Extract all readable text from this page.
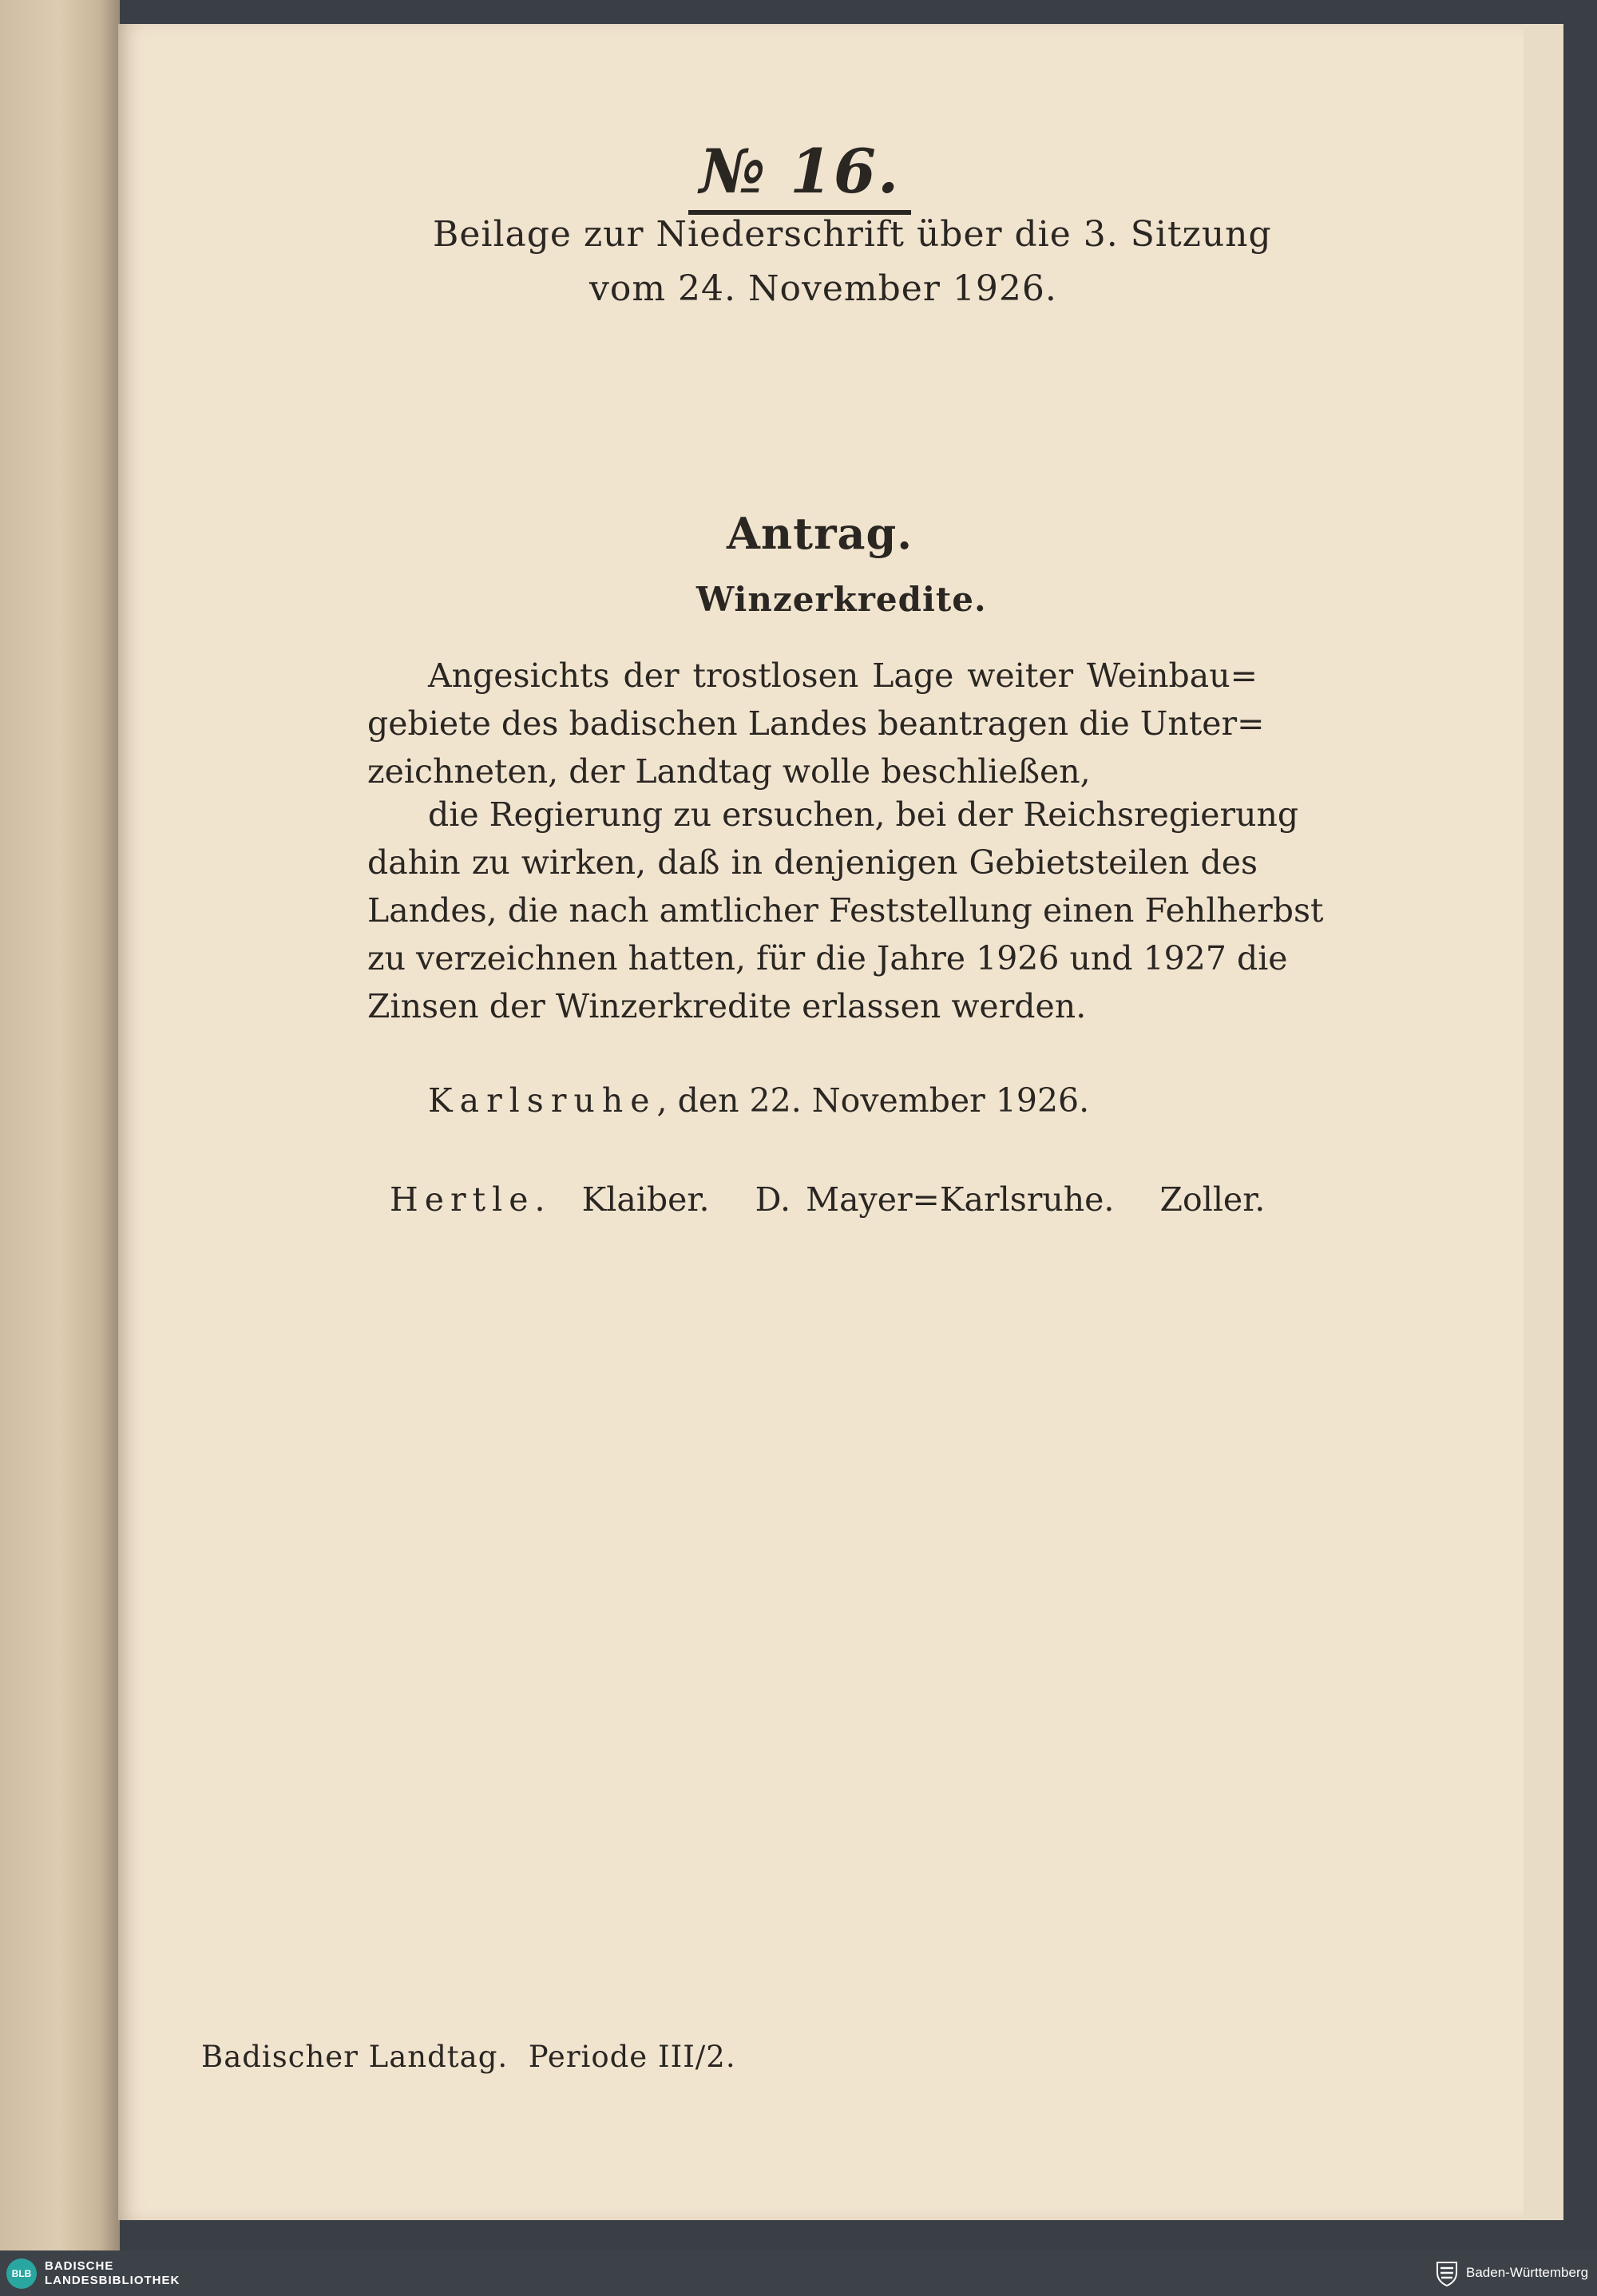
№ 16.
Beilage zur Niederschrift über die 3. Sitzung
vom 24. November 1926.
Antrag.
Winzerkredite.
Angesichts der trostlosen Lage weiter Weinbau=
gebiete des badischen Landes beantragen die Unter=
zeichneten, der Landtag wolle beschließen,
die Regierung zu ersuchen, bei der Reichsregierung
dahin zu wirken, daß in denjenigen Gebietsteilen des
Landes, die nach amtlicher Feststellung einen Fehlherbst
zu verzeichnen hatten, für die Jahre 1926 und 1927 die
Zinsen der Winzerkredite erlassen werden.
Karlsruhe, den 22. November 1926.
Hertle. Klaiber.   D. Mayer=Karlsruhe.   Zoller.
Badischer Landtag.  Periode III/2.
BLB
BADISCHE
LANDESBIBLIOTHEK
Baden-Württemberg
